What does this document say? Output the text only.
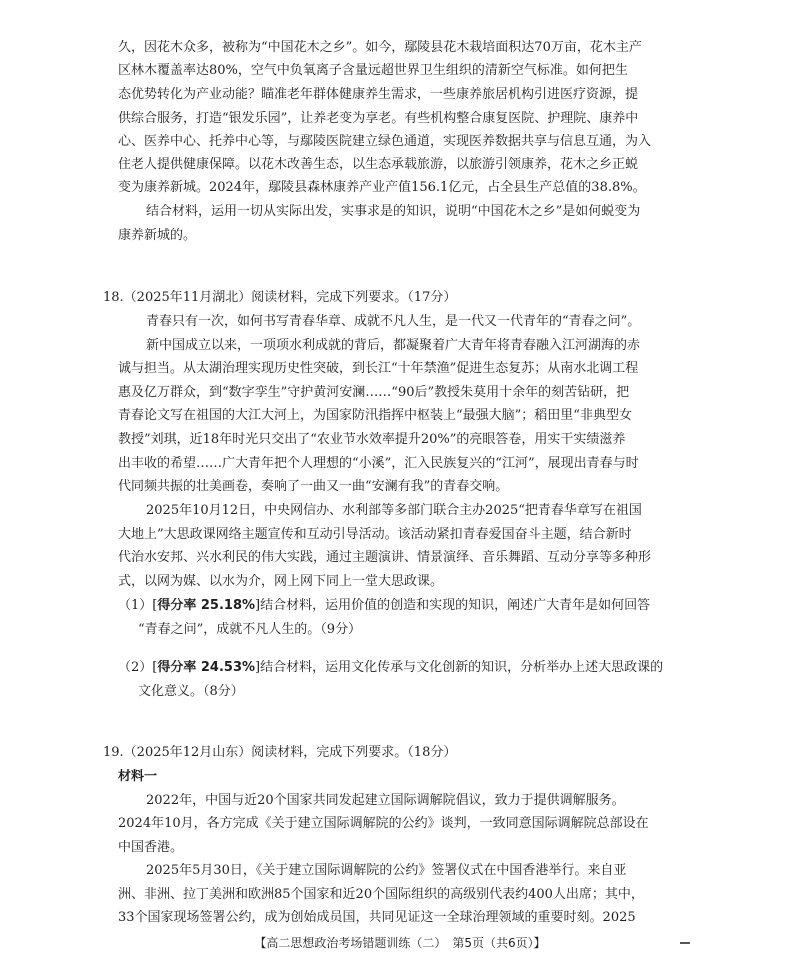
久，因花木众多，被称为“中国花木之乡”。如今，鄢陵县花木栽培面积达70万亩，花木主产
区林木覆盖率达80%，空气中负氧离子含量远超世界卫生组织的清新空气标准。如何把生
态优势转化为产业动能？瞄准老年群体健康养生需求，一些康养旅居机构引进医疗资源，提
供综合服务，打造“银发乐园”，让养老变为享老。有些机构整合康复医院、护理院、康养中
心、医养中心、托养中心等，与鄢陵医院建立绿色通道，实现医养数据共享与信息互通，为入
住老人提供健康保障。以花木改善生态，以生态承载旅游，以旅游引领康养，花木之乡正蜕
变为康养新城。2024年，鄢陵县森林康养产业产值156.1亿元，占全县生产总值的38.8%。
结合材料，运用一切从实际出发，实事求是的知识，说明“中国花木之乡”是如何蜕变为
康养新城的。
18.（2025年11月湖北）阅读材料，完成下列要求。（17分）
青春只有一次，如何书写青春华章、成就不凡人生，是一代又一代青年的“青春之问”。
新中国成立以来，一项项水利成就的背后，都凝聚着广大青年将青春融入江河湖海的赤
诚与担当。从太湖治理实现历史性突破，到长江“十年禁渔”促进生态复苏；从南水北调工程
惠及亿万群众，到“数字孪生”守护黄河安澜……“90后”教授朱莫用十余年的刻苦钻研，把
青春论文写在祖国的大江大河上，为国家防汛指挥中枢装上“最强大脑”；稻田里“非典型女
教授”刘琪，近18年时光只交出了“农业节水效率提升20%”的亮眼答卷，用实干实绩滋养
出丰收的希望……广大青年把个人理想的“小溪”，汇入民族复兴的“江河”，展现出青春与时
代同频共振的壮美画卷，奏响了一曲又一曲“安澜有我”的青春交响。
2025年10月12日，中央网信办、水利部等多部门联合主办2025“把青春华章写在祖国
大地上”大思政课网络主题宣传和互动引导活动。该活动紧扣青春爱国奋斗主题，结合新时
代治水安邦、兴水利民的伟大实践，通过主题演讲、情景演绎、音乐舞蹈、互动分享等多种形
式，以网为媒、以水为介，网上网下同上一堂大思政课。
（1）[得分率 25.18%]结合材料，运用价值的创造和实现的知识，阐述广大青年是如何回答
“青春之问”，成就不凡人生的。（9分）
（2）[得分率 24.53%]结合材料，运用文化传承与文化创新的知识，分析举办上述大思政课的
文化意义。（8分）
19.（2025年12月山东）阅读材料，完成下列要求。（18分）
材料一
2022年，中国与近20个国家共同发起建立国际调解院倡议，致力于提供调解服务。
2024年10月，各方完成《关于建立国际调解院的公约》谈判，一致同意国际调解院总部设在
中国香港。
2025年5月30日，《关于建立国际调解院的公约》签署仪式在中国香港举行。来自亚
洲、非洲、拉丁美洲和欧洲85个国家和近20个国际组织的高级别代表约400人出席；其中，
33个国家现场签署公约，成为创始成员国，共同见证这一全球治理领域的重要时刻。2025
【高二思想政治考场错题训练（二）　第5页（共6页）】
